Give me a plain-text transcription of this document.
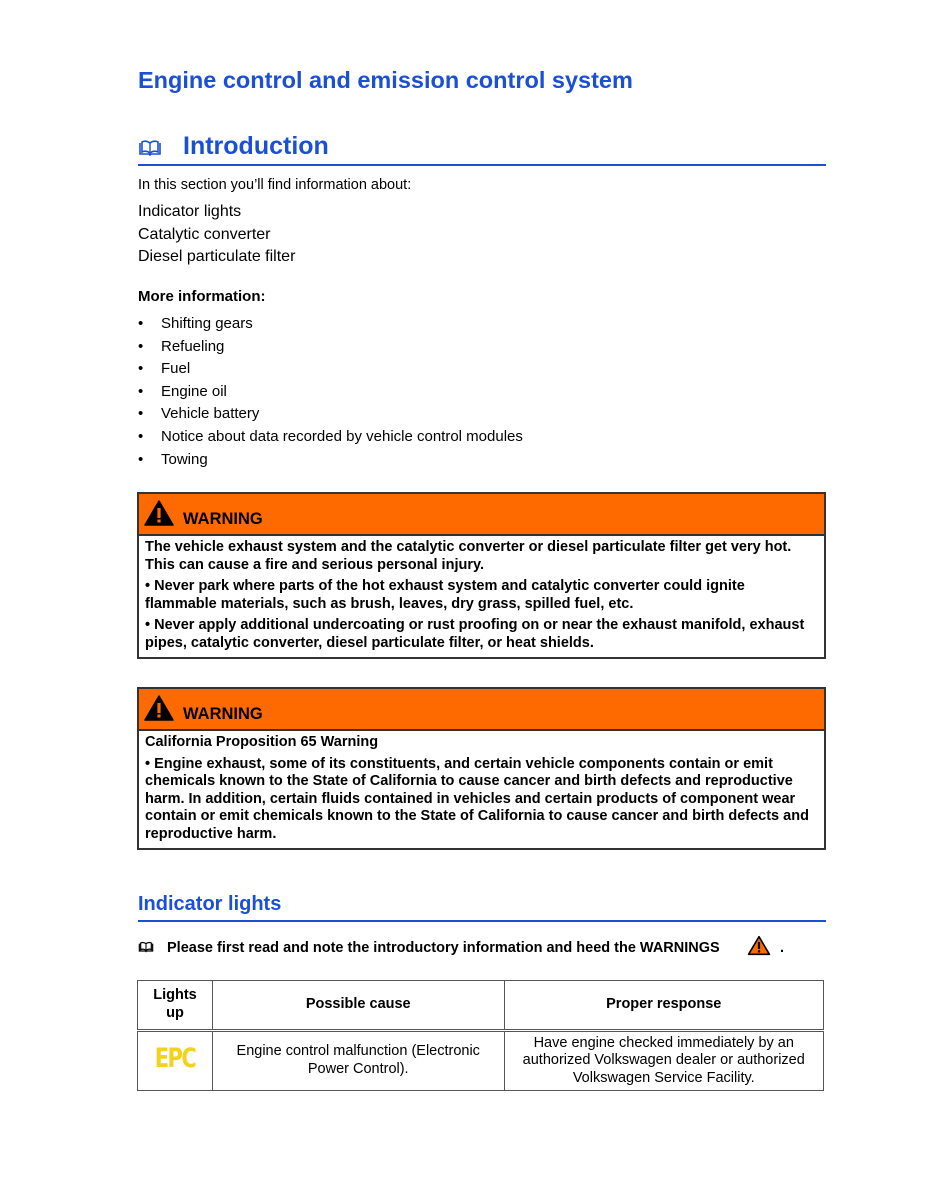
Engine control and emission control system
Introduction
In this section you’ll find information about:
Indicator lights
Catalytic converter
Diesel particulate filter
More information:
• Shifting gears
• Refueling
• Fuel
• Engine oil
• Vehicle battery
• Notice about data recorded by vehicle control modules
• Towing
WARNING

The vehicle exhaust system and the catalytic converter or diesel particulate filter get very hot. This can cause a fire and serious personal injury.

• Never park where parts of the hot exhaust system and catalytic converter could ignite flammable materials, such as brush, leaves, dry grass, spilled fuel, etc.

• Never apply additional undercoating or rust proofing on or near the exhaust manifold, exhaust pipes, catalytic converter, diesel particulate filter, or heat shields.

WARNING

California Proposition 65 Warning

• Engine exhaust, some of its constituents, and certain vehicle components contain or emit chemicals known to the State of California to cause cancer and birth defects and reproductive harm. In addition, certain fluids contained in vehicles and certain products of component wear contain or emit chemicals known to the State of California to cause cancer and birth defects and reproductive harm.

Indicator lights
Please first read and note the introductory information and heed the WARNINGS	.
Lights up	Possible cause	Proper response
EPC	Engine control malfunction (Electronic Power Control).	Have engine checked immediately by an authorized Volkswagen dealer or authorized Volkswagen Service Facility.
